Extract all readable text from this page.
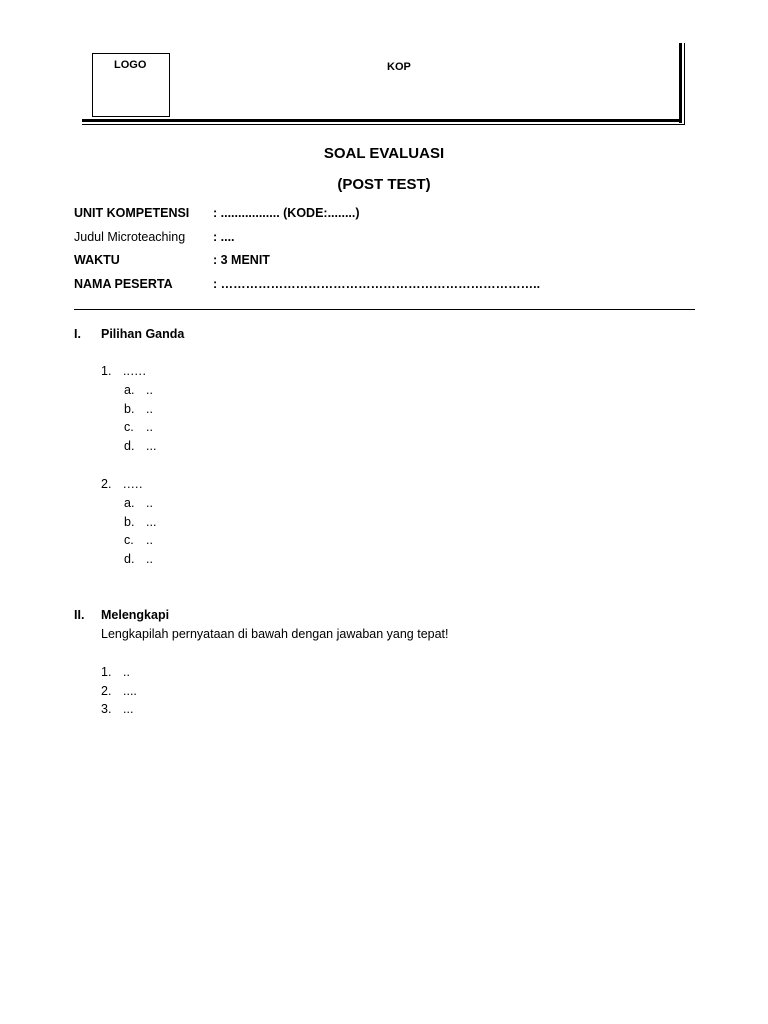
LOGO	KOP
SOAL EVALUASI
(POST TEST)
UNIT KOMPETENSI : ................. (KODE:........)
Judul Microteaching : ....
WAKTU	: 3 MENIT
NAMA PESERTA	: …………………………………………………………………..
I. Pilihan Ganda
1. ..….
a. ..
b. ..
c. ..
d. ...
2. .….
a. ..
b. ...
c. ..
d. ..
II. Melengkapi
Lengkapilah pernyataan di bawah dengan jawaban yang tepat!
1. ..
2. ....
3. ...
